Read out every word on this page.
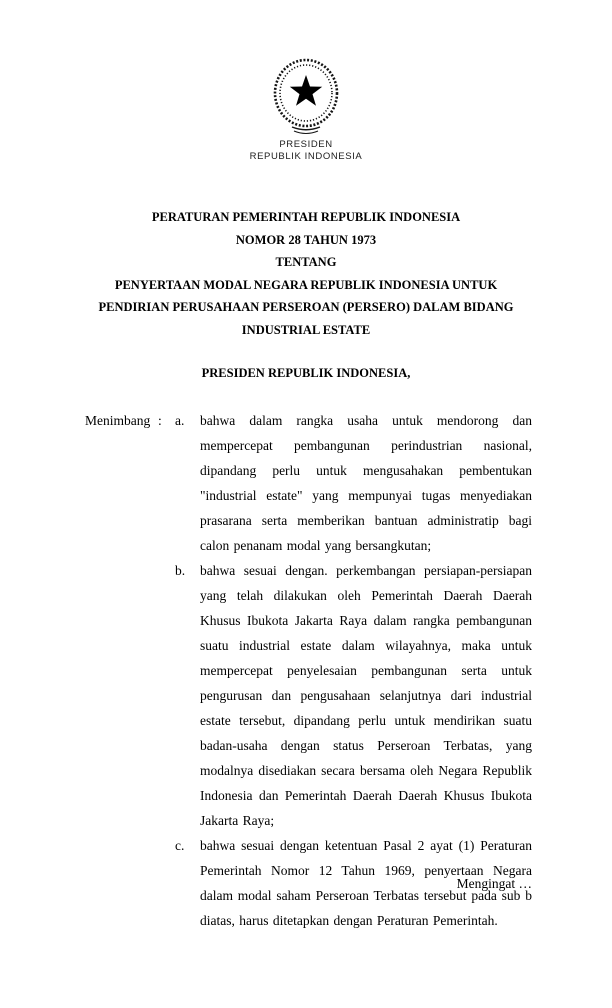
PRESIDEN
REPUBLIK INDONESIA
PERATURAN PEMERINTAH REPUBLIK INDONESIA
NOMOR 28 TAHUN 1973
TENTANG
PENYERTAAN MODAL NEGARA REPUBLIK INDONESIA UNTUK PENDIRIAN PERUSAHAAN PERSEROAN (PERSERO) DALAM BIDANG INDUSTRIAL ESTATE
PRESIDEN REPUBLIK INDONESIA,
Menimbang : a.	bahwa dalam rangka usaha untuk mendorong dan mempercepat pembangunan perindustrian nasional, dipandang perlu untuk mengusahakan pembentukan "industrial estate" yang mempunyai tugas menyediakan prasarana serta memberikan bantuan administratip bagi calon penanam modal yang bersangkutan;
b.	bahwa sesuai dengan. perkembangan persiapan-persiapan yang telah dilakukan oleh Pemerintah Daerah Daerah Khusus Ibukota Jakarta Raya dalam rangka pembangunan suatu industrial estate dalam wilayahnya, maka untuk mempercepat penyelesaian pembangunan serta untuk pengurusan dan pengusahaan selanjutnya dari industrial estate tersebut, dipandang perlu untuk mendirikan suatu badan-usaha dengan status Perseroan Terbatas, yang modalnya disediakan secara bersama oleh Negara Republik Indonesia dan Pemerintah Daerah Daerah Khusus Ibukota Jakarta Raya;
c.	bahwa sesuai dengan ketentuan Pasal 2 ayat (1) Peraturan Pemerintah Nomor 12 Tahun 1969, penyertaan Negara dalam modal saham Perseroan Terbatas tersebut pada sub b diatas, harus ditetapkan dengan Peraturan Pemerintah.
Mengingat …
